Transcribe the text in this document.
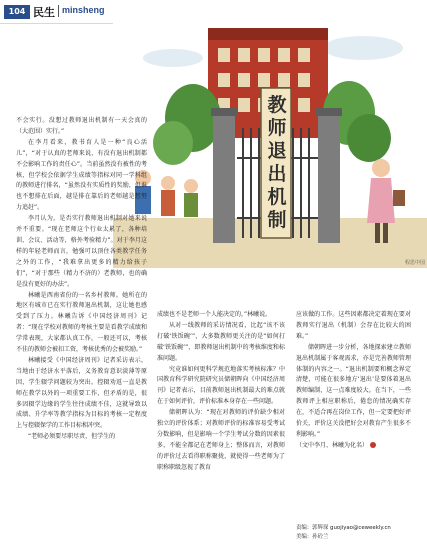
104 民生 minsheng
程思中国
教
师
退
出
机
制

不会实行。没想过教师退出机制有一天会真的（大范围）实行。”

在李月看来，教书育人是一种“良心活儿”，“对于认真的老师来说，有没有退出机制都不会影响工作的责任心”。当前虽然没有被性的考核，但学校会依据学生成绩等指标对同一学科组的教师进行排名，“虽然没有实质性的奖励，但谁也不想排在后面，越是排在靠后的老师越是想努力追赶”。

李月认为，是否实行教师退出机制对她来说并不重要。“现在老师这个行业太累了，各种培训、会议、活动等，格外考验精力”。对于李月这样的年轻老师而言，勉强可以顶住各类教学任务之外的工作，“我难拿出更多的精力给孩子们”，“对于那些（精力不济的）老教师，也的确是没有更好的办法”。

林曦是西南省份的一名乡村教师。她所在的地区有城市已在实行教师退出机制，这让她也感受到了压力。林曦告诉《中国经济周刊》记者：“现在学校对教师的考核主要是看教学成绩和学常表现，大家都认真工作，一般还可以，考核不佳的教师会被扣工资，考核优秀的会被奖励。”

林曦接受《中国经济周刊》记者采访表示，当地由于经济水平落后，义务教育意识淡薄等原因，学生辍学问题较为突出。控辍劝返一直是教师在教学以外的一项重要工作，但矛盾的是，很多因辍学边缘的学生往往成绩不佳，这就导致以成绩、升学率等教学指标为目标的考核一定程度上与控辍保学的工作目标相冲突。

“老师必须要尽职尽责，但学生的

成绩也不是老师一个人能决定的，”林曦说。

从对一线教师的采访情况看，比起“该不该打破‘铁饭碗’”，大多数教师更关注的是“如何打破‘铁饭碗’”，即教师退出机制中的考核维度和标准问题。

究竟谁如何更科学规范地落实考核标准？中国教育科学研究院研究员储朝晖向《中国经济周刊》记者表示，目前教师退出机制最大的难点就在于如何评价，评价标准本身存在一些问题。

储朝晖认为：“现在对教师的评价缺少相对独立的评价体系；对教师评价的标准容易受考试分数影响，但是影响一个学生考试分数的因素很多，不能全都记在老师身上；整体而言，对教师的评价过去看得职称聚拢，就使得一些老师为了职称职级忽视了教育

应该做的工作。这些因素都决定着现在要对教师实行退出（机制）会存在比较大的困难。”

储朝晖进一步分析，各地探索建立教师退出机制属于客观需求，亦是完善教师管理体制的内容之一。“退出机制要和概念界定清楚，可能在很多地方‘退出’是要体着退出教师编制，这一点难度较大。在当下，一些教师评上相应职称后，倦怠的情况确实存在，不适合再在岗位工作，但一定要把好评价关，评价这关没把好会对教育产生很多不利影响。”

（文中李月、林曦为化名）

责编：郭辉琛 guojiyao@ceweekly.cn
美编：孙砼兰
